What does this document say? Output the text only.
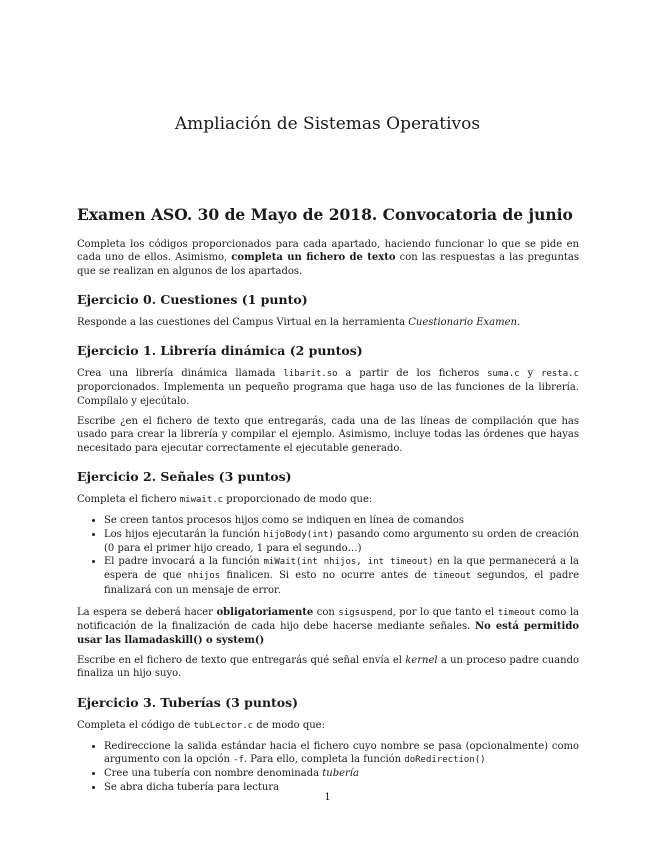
Ampliación de Sistemas Operativos
Examen ASO. 30 de Mayo de 2018. Convocatoria de junio

Completa los códigos proporcionados para cada apartado, haciendo funcionar lo que se pide en cada uno de ellos. Asimismo, completa un fichero de texto con las respuestas a las preguntas que se realizan en algunos de los apartados.

Ejercicio 0. Cuestiones (1 punto)

Responde a las cuestiones del Campus Virtual en la herramienta Cuestionario Examen.

Ejercicio 1. Librería dinámica (2 puntos)

Crea una librería dinámica llamada libarit.so a partir de los ficheros suma.c y resta.c proporcionados. Implementa un pequeño programa que haga uso de las funciones de la librería. Compílalo y ejecútalo.

Escribe ¿en el fichero de texto que entregarás, cada una de las líneas de compilación que has usado para crear la librería y compilar el ejemplo. Asimismo, incluye todas las órdenes que hayas necesitado para ejecutar correctamente el ejecutable generado.

Ejercicio 2. Señales (3 puntos)

Completa el fichero miwait.c proporcionado de modo que:

• Se creen tantos procesos hijos como se indiquen en línea de comandos
• Los hijos ejecutarán la función hijoBody(int) pasando como argumento su orden de creación (0 para el primer hijo creado, 1 para el segundo…)
• El padre invocará a la función miWait(int nhijos, int timeout) en la que permanecerá a la espera de que nhijos finalicen. Si esto no ocurre antes de timeout segundos, el padre finalizará con un mensaje de error.

La espera se deberá hacer obligatoriamente con sigsuspend, por lo que tanto el timeout como la notificación de la finalización de cada hijo debe hacerse mediante señales. No está permitido usar las llamadaskill() o system()

Escribe en el fichero de texto que entregarás qué señal envía el kernel a un proceso padre cuando finaliza un hijo suyo.

Ejercicio 3. Tuberías (3 puntos)

Completa el código de tubLector.c de modo que:

• Redireccione la salida estándar hacia el fichero cuyo nombre se pasa (opcionalmente) como argumento con la opción -f. Para ello, completa la función doRedirection()
• Cree una tubería con nombre denominada tubería
• Se abra dicha tubería para lectura
1
